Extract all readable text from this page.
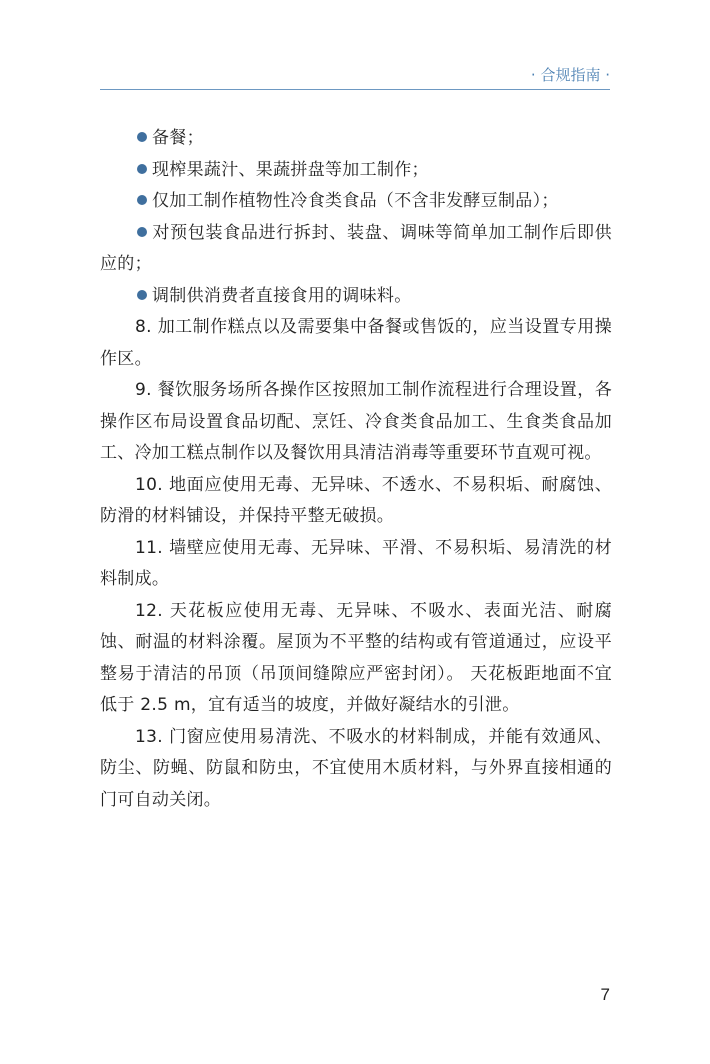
· 合规指南 ·

备餐；

现榨果蔬汁、果蔬拼盘等加工制作；

仅加工制作植物性冷食类食品（不含非发酵豆制品）；

对预包装食品进行拆封、装盘、调味等简单加工制作后即供应的；

调制供消费者直接食用的调味料。

8. 加工制作糕点以及需要集中备餐或售饭的，应当设置专用操作区。

9. 餐饮服务场所各操作区按照加工制作流程进行合理设置，各操作区布局设置食品切配、烹饪、冷食类食品加工、生食类食品加工、冷加工糕点制作以及餐饮用具清洁消毒等重要环节直观可视。

10. 地面应使用无毒、无异味、不透水、不易积垢、耐腐蚀、防滑的材料铺设，并保持平整无破损。

11. 墙壁应使用无毒、无异味、平滑、不易积垢、易清洗的材料制成。

12. 天花板应使用无毒、无异味、不吸水、表面光洁、耐腐蚀、耐温的材料涂覆。屋顶为不平整的结构或有管道通过，应设平整易于清洁的吊顶（吊顶间缝隙应严密封闭）。 天花板距地面不宜低于 2.5 m，宜有适当的坡度，并做好凝结水的引泄。

13. 门窗应使用易清洗、不吸水的材料制成，并能有效通风、防尘、防蝇、防鼠和防虫，不宜使用木质材料，与外界直接相通的门可自动关闭。

7
